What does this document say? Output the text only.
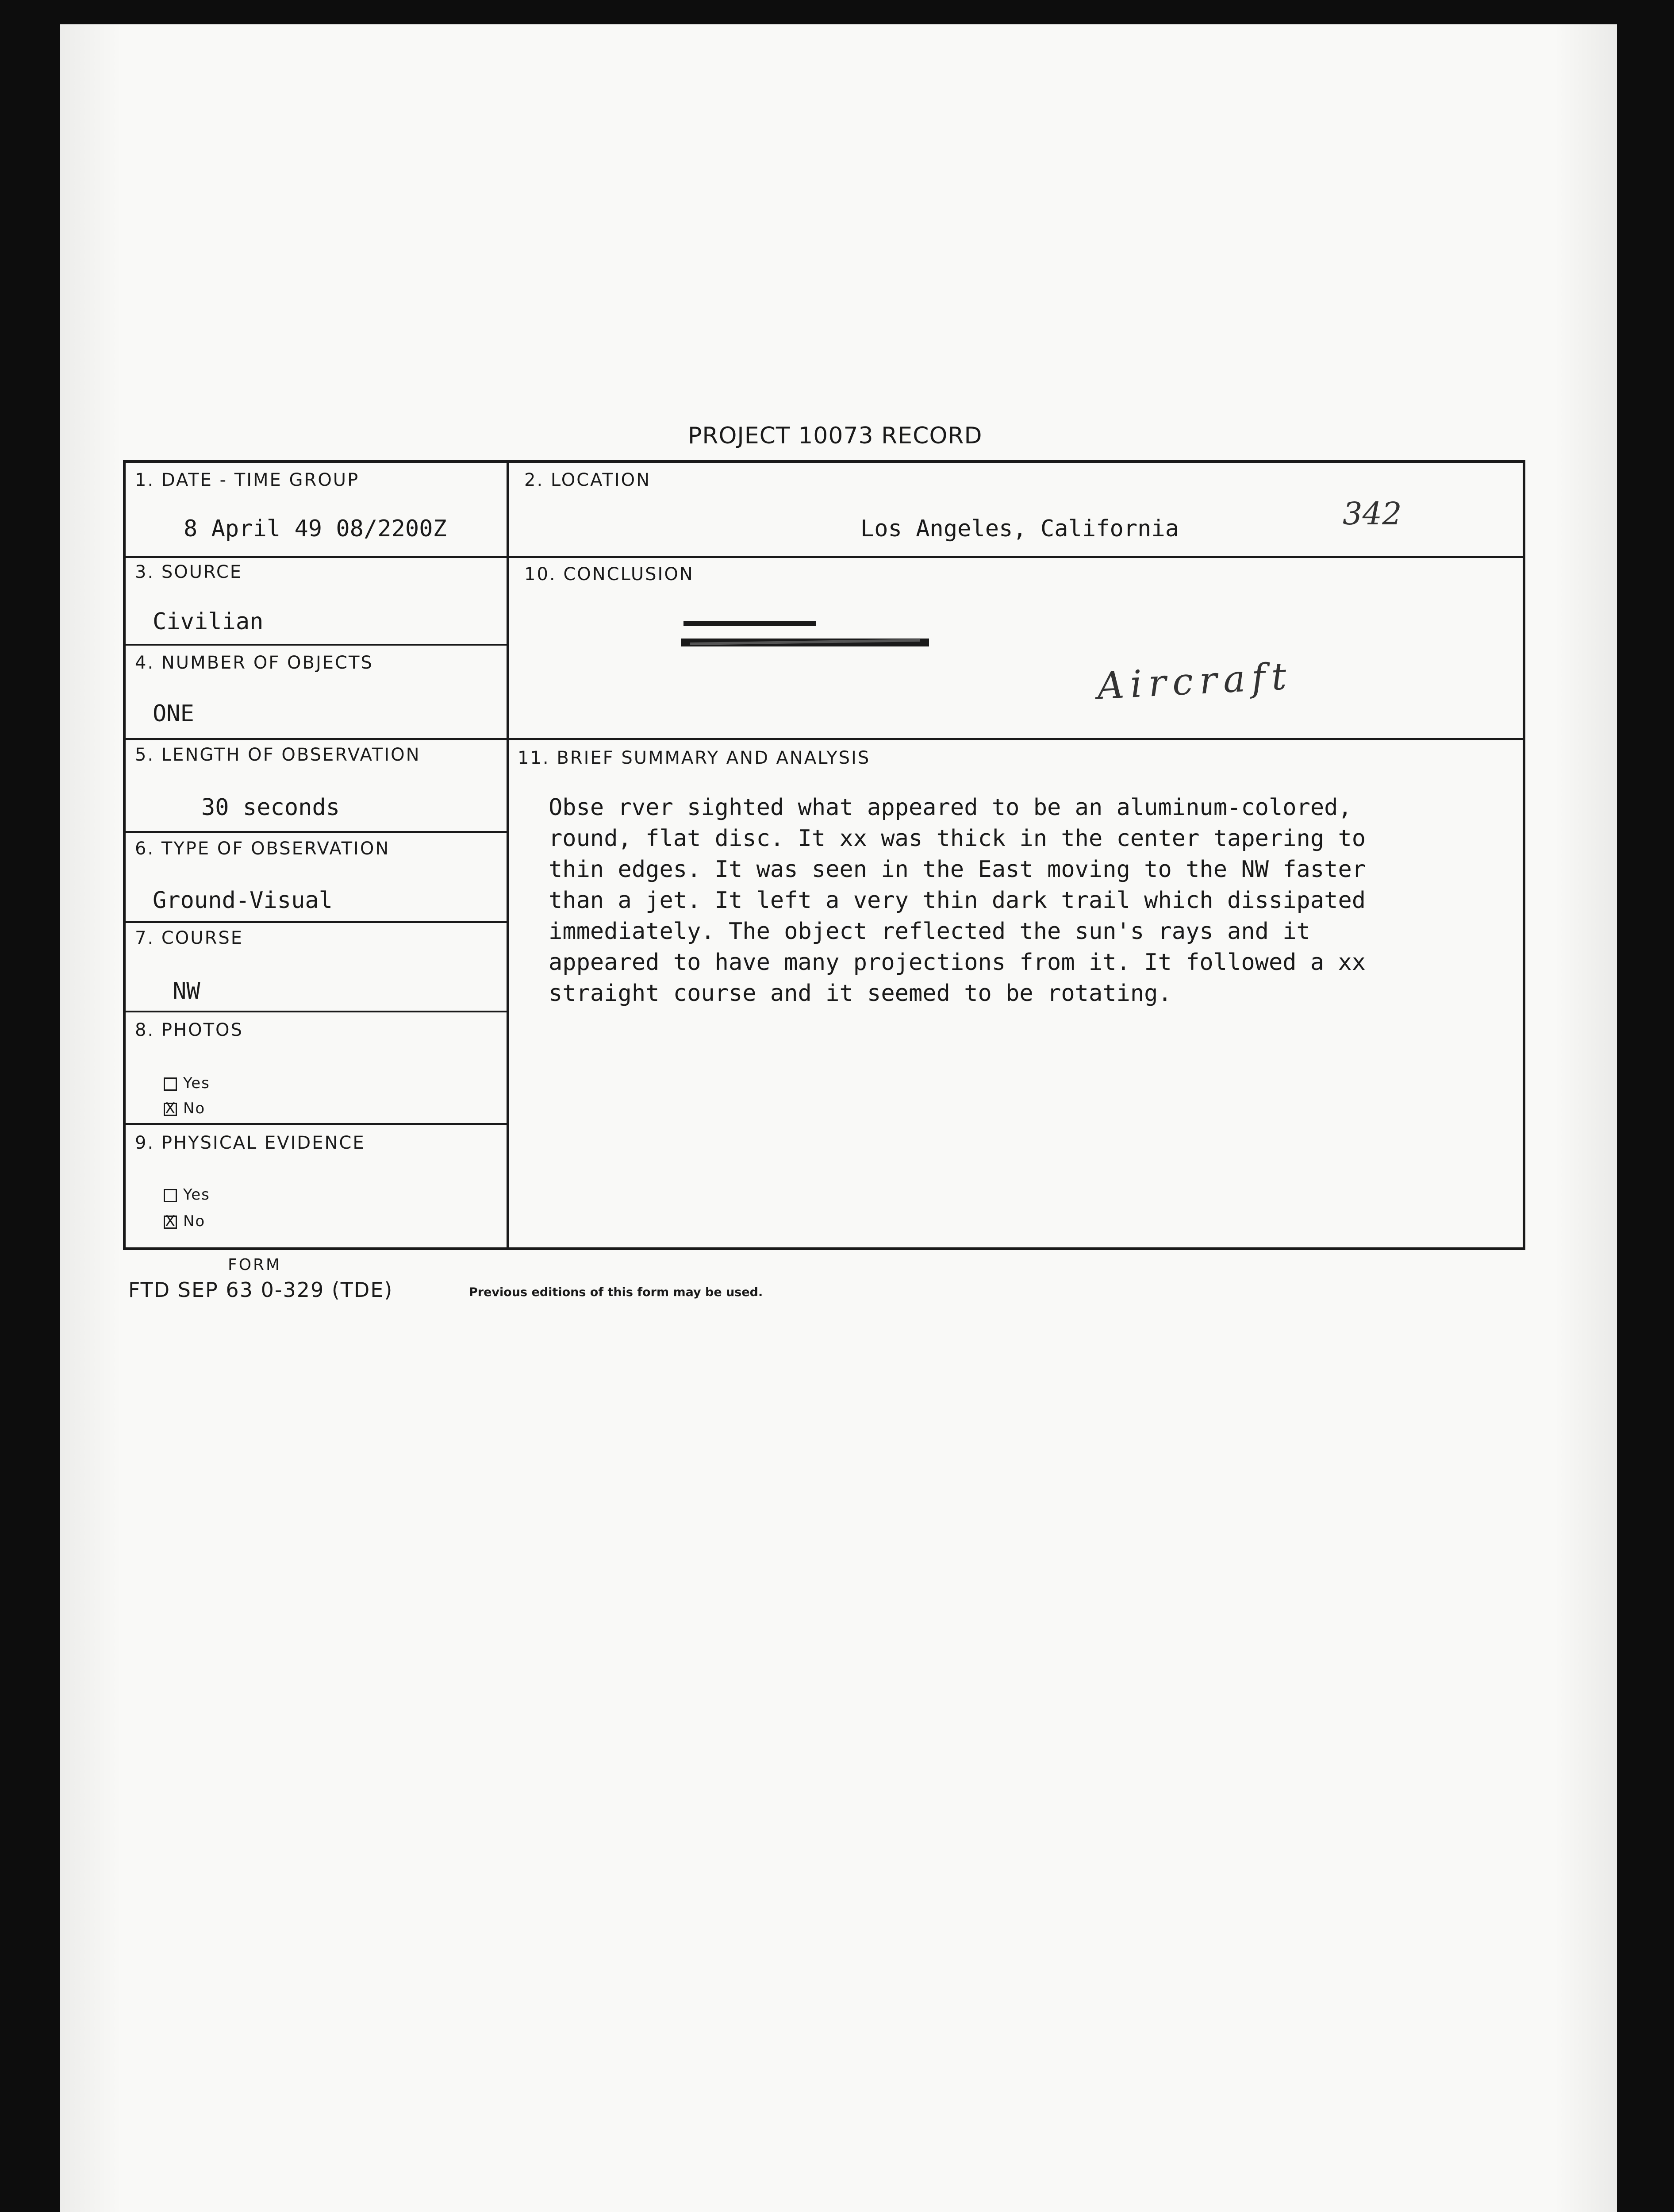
PROJECT 10073 RECORD
1. DATE - TIME GROUP
8 April 49 08/2200Z
2. LOCATION
Los Angeles, California	342
3. SOURCE
Civilian
10. CONCLUSION
Aircraft
4. NUMBER OF OBJECTS
ONE
5. LENGTH OF OBSERVATION
30 seconds
11. BRIEF SUMMARY AND ANALYSIS
Obse rver sighted what appeared to be an aluminum-colored,
round, flat disc. It xx was thick in the center tapering to
thin edges. It was seen in the East moving to the NW faster
than a jet. It left a very thin dark trail which dissipated
immediately. The object reflected the sun's rays and it
appeared to have many projections from it. It followed a xx
straight course and it seemed to be rotating.
6. TYPE OF OBSERVATION
Ground-Visual
7. COURSE
NW
8. PHOTOS
Yes
XNo
9. PHYSICAL EVIDENCE
Yes
XNo
FORM
FTD SEP 63 0-329 (TDE)	Previous editions of this form may be used.
